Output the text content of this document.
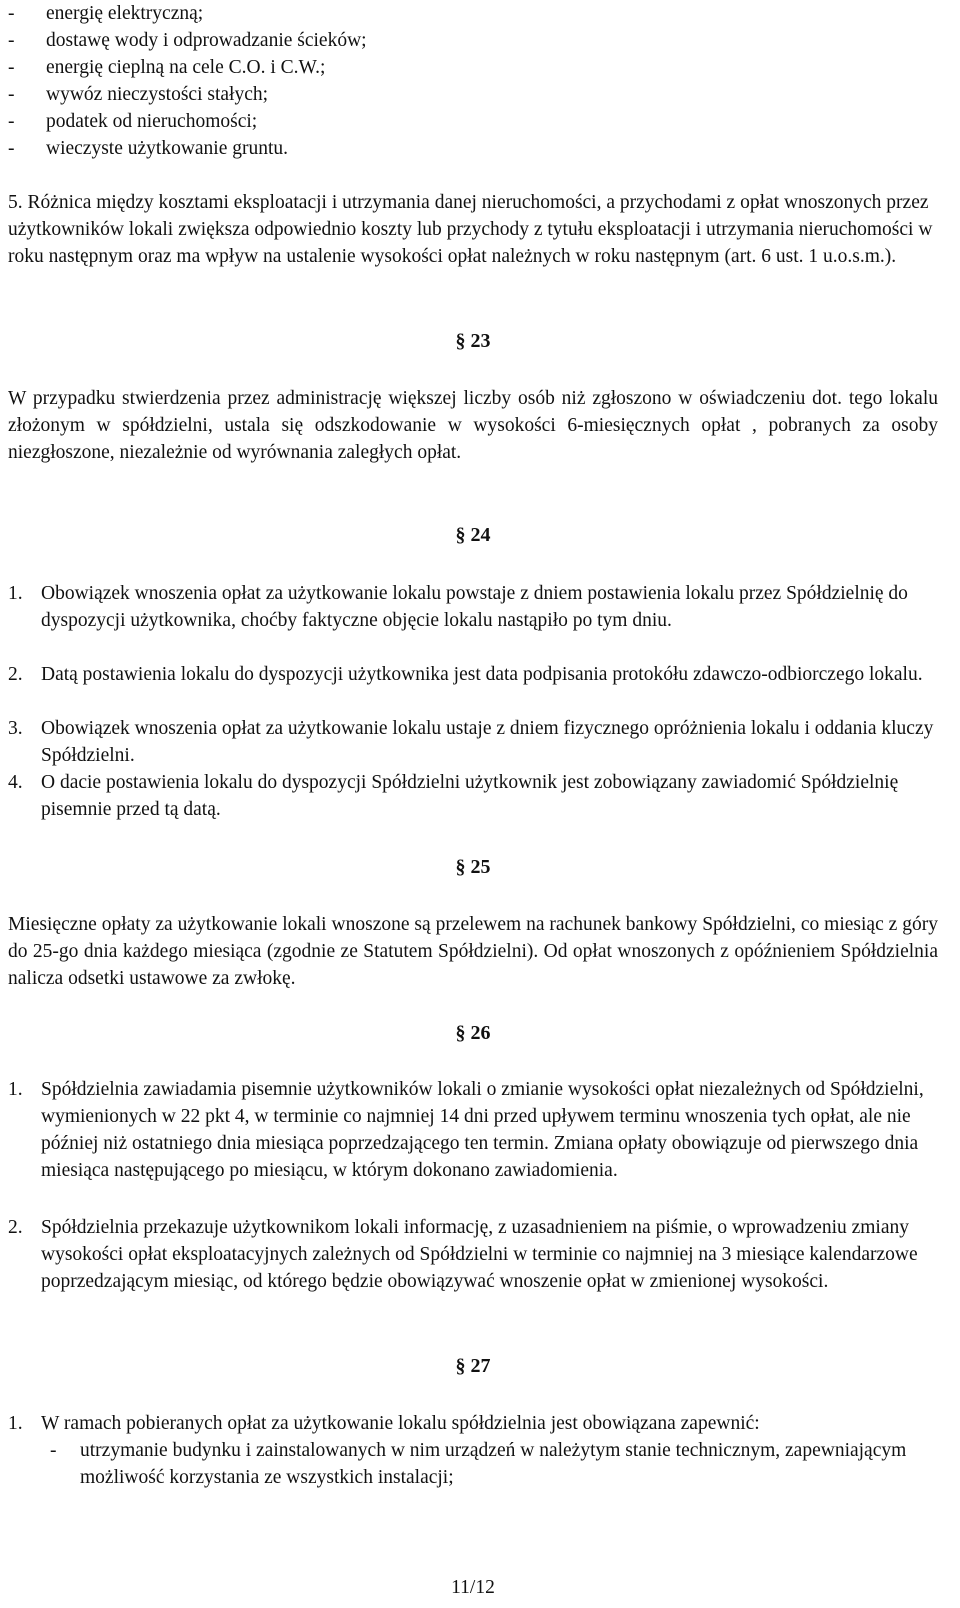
- energię elektryczną;
- dostawę wody i odprowadzanie ścieków;
- energię cieplną na cele C.O. i C.W.;
- wywóz nieczystości stałych;
- podatek od nieruchomości;
- wieczyste użytkowanie gruntu.
5. Różnica między kosztami eksploatacji i utrzymania danej nieruchomości, a przychodami z opłat wnoszonych przez użytkowników lokali zwiększa odpowiednio koszty lub przychody z tytułu eksploatacji i utrzymania nieruchomości w roku następnym oraz ma wpływ na ustalenie wysokości opłat należnych w roku następnym (art. 6 ust. 1 u.o.s.m.).
§ 23
W przypadku stwierdzenia przez administrację większej liczby osób niż zgłoszono w oświadczeniu dot. tego lokalu złożonym w spółdzielni, ustala się odszkodowanie w wysokości 6-miesięcznych opłat , pobranych za osoby niezgłoszone, niezależnie od wyrównania zaległych opłat.
§ 24
1. Obowiązek wnoszenia opłat za użytkowanie lokalu powstaje z dniem postawienia lokalu przez Spółdzielnię do dyspozycji użytkownika, choćby faktyczne objęcie lokalu nastąpiło po tym dniu.
2. Datą postawienia lokalu do dyspozycji użytkownika jest data podpisania protokółu zdawczo-odbiorczego lokalu.
3. Obowiązek wnoszenia opłat za użytkowanie lokalu ustaje z dniem fizycznego opróżnienia lokalu i oddania kluczy Spółdzielni.
4. O dacie postawienia lokalu do dyspozycji Spółdzielni użytkownik jest zobowiązany zawiadomić Spółdzielnię pisemnie przed tą datą.
§ 25
Miesięczne opłaty za użytkowanie lokali wnoszone są przelewem na rachunek bankowy Spółdzielni, co miesiąc z góry do 25-go dnia każdego miesiąca (zgodnie ze Statutem Spółdzielni). Od opłat wnoszonych z opóźnieniem Spółdzielnia nalicza odsetki ustawowe za zwłokę.
§ 26
1. Spółdzielnia zawiadamia pisemnie użytkowników lokali o zmianie wysokości opłat niezależnych od Spółdzielni, wymienionych w 22 pkt 4, w terminie co najmniej 14 dni przed upływem terminu wnoszenia tych opłat, ale nie później niż ostatniego dnia miesiąca poprzedzającego ten termin. Zmiana opłaty obowiązuje od pierwszego dnia miesiąca następującego po miesiącu, w którym dokonano zawiadomienia.
2. Spółdzielnia przekazuje użytkownikom lokali informację, z uzasadnieniem na piśmie, o wprowadzeniu zmiany wysokości opłat eksploatacyjnych zależnych od Spółdzielni w terminie co najmniej na 3 miesiące kalendarzowe poprzedzającym miesiąc, od którego będzie obowiązywać wnoszenie opłat w zmienionej wysokości.
§ 27
1. W ramach pobieranych opłat za użytkowanie lokalu spółdzielnia jest obowiązana zapewnić:
- utrzymanie budynku i zainstalowanych w nim urządzeń w należytym stanie technicznym, zapewniającym możliwość korzystania ze wszystkich instalacji;
11/12
